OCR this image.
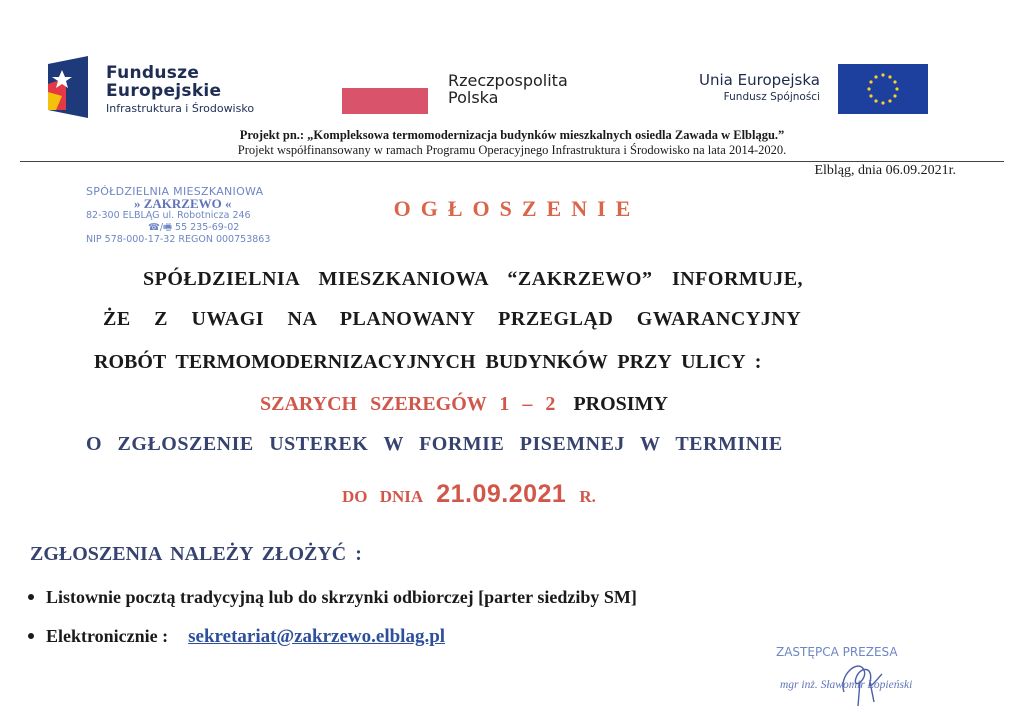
Fundusze
Europejskie
Infrastruktura i Środowisko
Rzeczpospolita
Polska
Unia Europejska
Fundusz Spójności
Projekt pn.: „Kompleksowa termomodernizacja budynków mieszkalnych osiedla Zawada w Elblągu.”
Projekt współfinansowany w ramach Programu Operacyjnego Infrastruktura i Środowisko na lata 2014-2020.
Elbląg, dnia 06.09.2021r.
SPÓŁDZIELNIA MIESZKANIOWA
» ZAKRZEWO «
82-300 ELBLĄG ul. Robotnicza 246
☎/🖷 55 235-69-02
NIP 578-000-17-32 REGON 000753863
OGŁOSZENIE
SPÓŁDZIELNIA MIESZKANIOWA “ZAKRZEWO” INFORMUJE,
ŻE Z UWAGI NA PLANOWANY PRZEGLĄD GWARANCYJNY
ROBÓT TERMOMODERNIZACYJNYCH BUDYNKÓW PRZY ULICY :
SZARYCH SZEREGÓW 1 – 2 PROSIMY
O ZGŁOSZENIE USTEREK W FORMIE PISEMNEJ W TERMINIE
DO DNIA 21.09.2021 R.
ZGŁOSZENIA NALEŻY ZŁOŻYĆ :
Listownie pocztą tradycyjną lub do skrzynki odbiorczej [parter siedziby SM]
Elektronicznie : sekretariat@zakrzewo.elblag.pl
ZASTĘPCA PREZESA
mgr inż. Sławomir Łopieński
